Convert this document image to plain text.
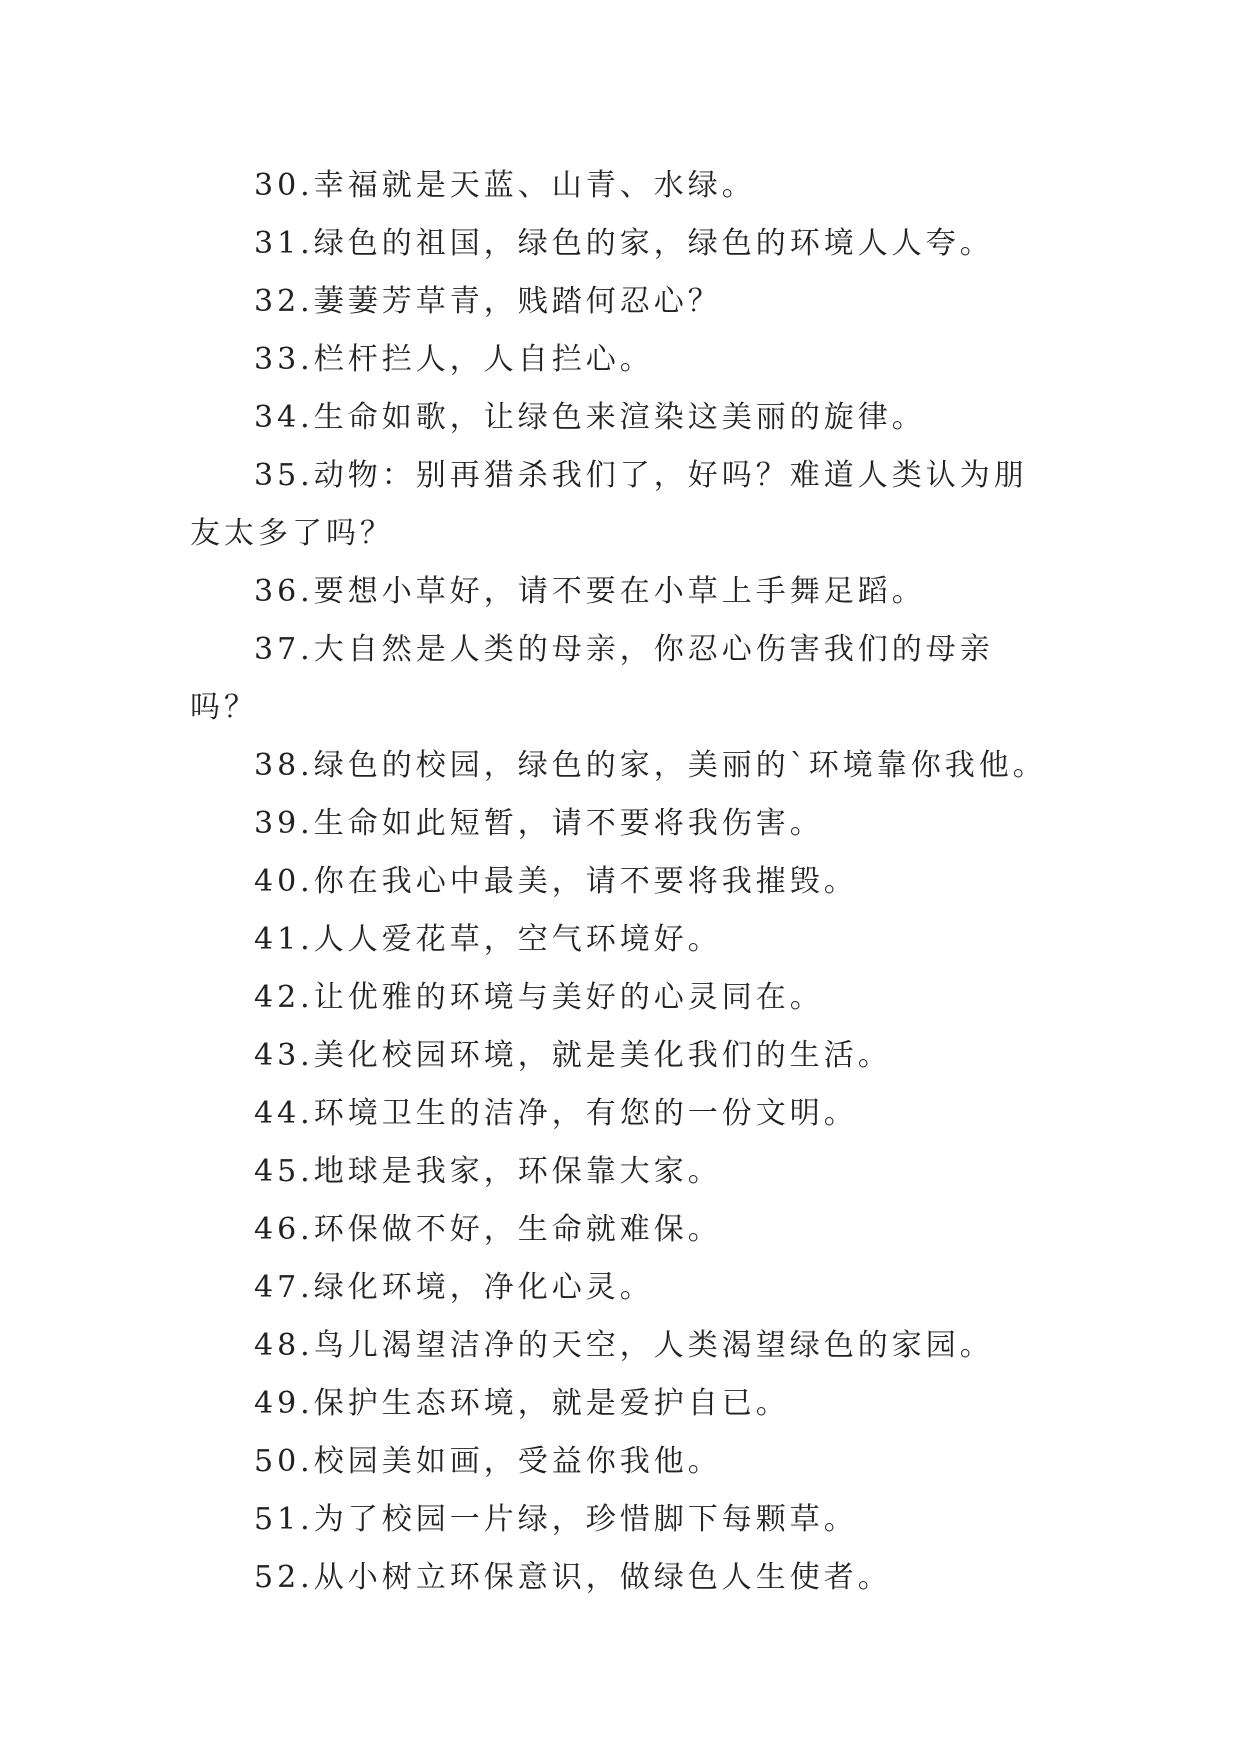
30.幸福就是天蓝、山青、水绿。

31.绿色的祖国，绿色的家，绿色的环境人人夸。

32.萋萋芳草青，贱踏何忍心？

33.栏杆拦人，人自拦心。

34.生命如歌，让绿色来渲染这美丽的旋律。

35.动物：别再猎杀我们了，好吗？难道人类认为朋友太多了吗？

36.要想小草好，请不要在小草上手舞足蹈。

37.大自然是人类的母亲，你忍心伤害我们的母亲吗？

38.绿色的校园，绿色的家，美丽的`环境靠你我他。

39.生命如此短暂，请不要将我伤害。

40.你在我心中最美，请不要将我摧毁。

41.人人爱花草，空气环境好。

42.让优雅的环境与美好的心灵同在。

43.美化校园环境，就是美化我们的生活。

44.环境卫生的洁净，有您的一份文明。

45.地球是我家，环保靠大家。

46.环保做不好，生命就难保。

47.绿化环境，净化心灵。

48.鸟儿渴望洁净的天空，人类渴望绿色的家园。

49.保护生态环境，就是爱护自已。

50.校园美如画，受益你我他。

51.为了校园一片绿，珍惜脚下每颗草。

52.从小树立环保意识，做绿色人生使者。
